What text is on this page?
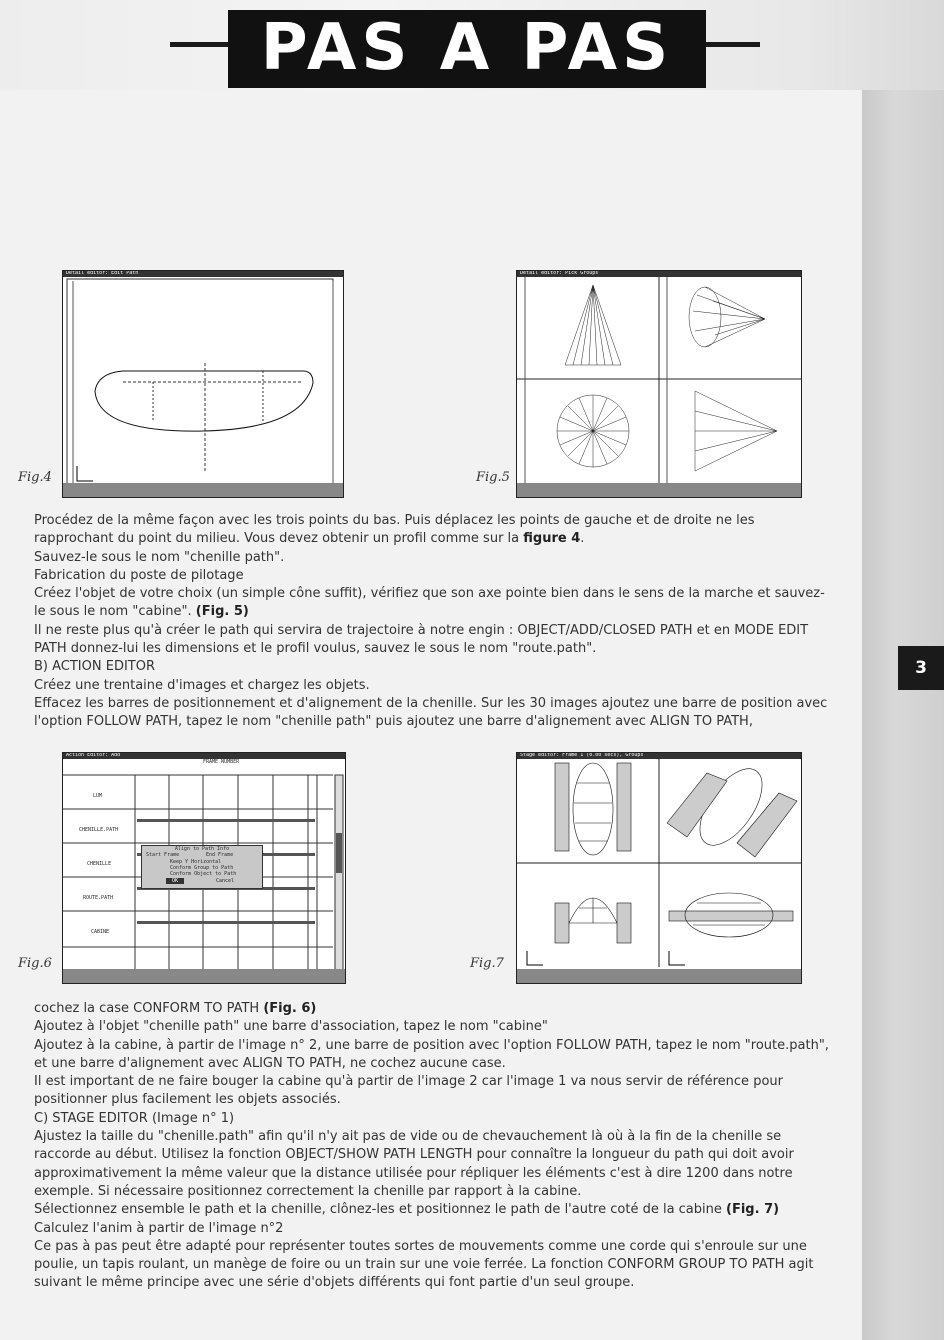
PAS A PAS
3
Detail editor: Edit Path
Fig.4
Detail editor: Pick Groups
Fig.5

Procédez de la même façon avec les trois points du bas. Puis déplacez les points de gauche et de droite ne les rapprochant du point du milieu. Vous devez obtenir un profil comme sur la figure 4.

Sauvez-le sous le nom "chenille path".

Fabrication du poste de pilotage

Créez l'objet de votre choix (un simple cône suffit), vérifiez que son axe pointe bien dans le sens de la marche et sauvez-le sous le nom "cabine". (Fig. 5)

Il ne reste plus qu'à créer le path qui servira de trajectoire à notre engin : OBJECT/ADD/CLOSED PATH et en MODE EDIT PATH donnez-lui les dimensions et le profil voulus, sauvez le sous le nom "route.path".

B) ACTION EDITOR

Créez une trentaine d'images et chargez les objets.

Effacez les barres de positionnement et d'alignement de la chenille. Sur les 30 images ajoutez une barre de position avec l'option FOLLOW PATH, tapez le nom "chenille path" puis ajoutez une barre d'alignement avec ALIGN TO PATH,

Action Editor: Add
FRAME NUMBER
LUM
CHENILLE.PATH
CHENILLE
ROUTE.PATH
CABINE
Align to Path Info
Start Frame	End Frame
Keep Y Horizontal
Conform Group to Path
Conform Object to Path
OK	Cancel
Fig.6
Stage editor: Frame 1 (0.00 secs), Groups
Fig.7

cochez la case CONFORM TO PATH (Fig. 6)

Ajoutez à l'objet "chenille path" une barre d'association, tapez le nom "cabine"

Ajoutez à la cabine, à partir de l'image n° 2, une barre de position avec l'option FOLLOW PATH, tapez le nom "route.path", et une barre d'alignement avec ALIGN TO PATH, ne cochez aucune case.

Il est important de ne faire bouger la cabine qu'à partir de l'image 2 car l'image 1 va nous servir de référence pour positionner plus facilement les objets associés.

C) STAGE EDITOR (Image n° 1)

Ajustez la taille du "chenille.path" afin qu'il n'y ait pas de vide ou de chevauchement là où à la fin de la chenille se raccorde au début. Utilisez la fonction OBJECT/SHOW PATH LENGTH pour connaître la longueur du path qui doit avoir approximativement la même valeur que la distance utilisée pour répliquer les éléments c'est à dire 1200 dans notre exemple. Si nécessaire positionnez correctement la chenille par rapport à la cabine.

Sélectionnez ensemble le path et la chenille, clônez-les et positionnez le path de l'autre coté de la cabine (Fig. 7)

Calculez l'anim à partir de l'image n°2

Ce pas à pas peut être adapté pour représenter toutes sortes de mouvements comme une corde qui s'enroule sur une poulie, un tapis roulant, un manège de foire ou un train sur une voie ferrée. La fonction CONFORM GROUP TO PATH agit suivant le même principe avec une série d'objets différents qui font partie d'un seul groupe.
